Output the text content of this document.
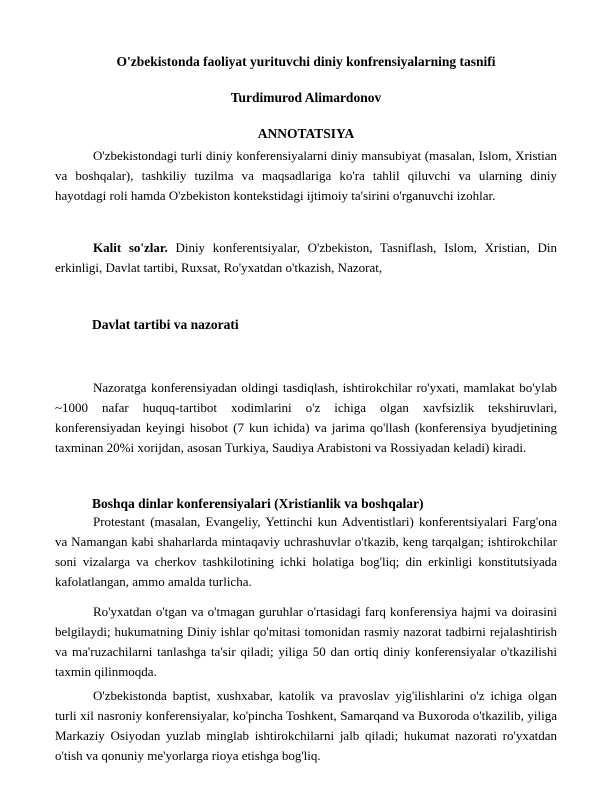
O'zbekistonda faoliyat yurituvchi diniy konfrensiyalarning tasnifi
Turdimurod Alimardonov
ANNOTATSIYA

O'zbekistondagi turli diniy konferensiyalarni diniy mansubiyat (masalan, Islom, Xristian va boshqalar), tashkiliy tuzilma va maqsadlariga ko'ra tahlil qiluvchi va ularning diniy hayotdagi roli hamda O'zbekiston kontekstidagi ijtimoiy ta'sirini o'rganuvchi izohlar.

Kalit so'zlar. Diniy konferentsiyalar, O'zbekiston, Tasniflash, Islom, Xristian, Din erkinligi, Davlat tartibi, Ruxsat, Ro'yxatdan o'tkazish, Nazorat,

Davlat tartibi va nazorati

Nazoratga konferensiyadan oldingi tasdiqlash, ishtirokchilar ro'yxati, mamlakat bo'ylab ~1000 nafar huquq-tartibot xodimlarini o'z ichiga olgan xavfsizlik tekshiruvlari, konferensiyadan keyingi hisobot (7 kun ichida) va jarima qo'llash (konferensiya byudjetining taxminan 20%i xorijdan, asosan Turkiya, Saudiya Arabistoni va Rossiyadan keladi) kiradi.

Boshqa dinlar konferensiyalari (Xristianlik va boshqalar)

Protestant (masalan, Evangeliy, Yettinchi kun Adventistlari) konferentsiyalari Farg'ona va Namangan kabi shaharlarda mintaqaviy uchrashuvlar o'tkazib, keng tarqalgan; ishtirokchilar soni vizalarga va cherkov tashkilotining ichki holatiga bog'liq; din erkinligi konstitutsiyada kafolatlangan, ammo amalda turlicha.

Ro'yxatdan o'tgan va o'tmagan guruhlar o'rtasidagi farq konferensiya hajmi va doirasini belgilaydi; hukumatning Diniy ishlar qo'mitasi tomonidan rasmiy nazorat tadbirni rejalashtirish va ma'ruzachilarni tanlashga ta'sir qiladi; yiliga 50 dan ortiq diniy konferensiyalar o'tkazilishi taxmin qilinmoqda.

O'zbekistonda baptist, xushxabar, katolik va pravoslav yig'ilishlarini o'z ichiga olgan turli xil nasroniy konferensiyalar, ko'pincha Toshkent, Samarqand va Buxoroda o'tkazilib, yiliga Markaziy Osiyodan yuzlab minglab ishtirokchilarni jalb qiladi; hukumat nazorati ro'yxatdan o'tish va qonuniy me'yorlarga rioya etishga bog'liq.
